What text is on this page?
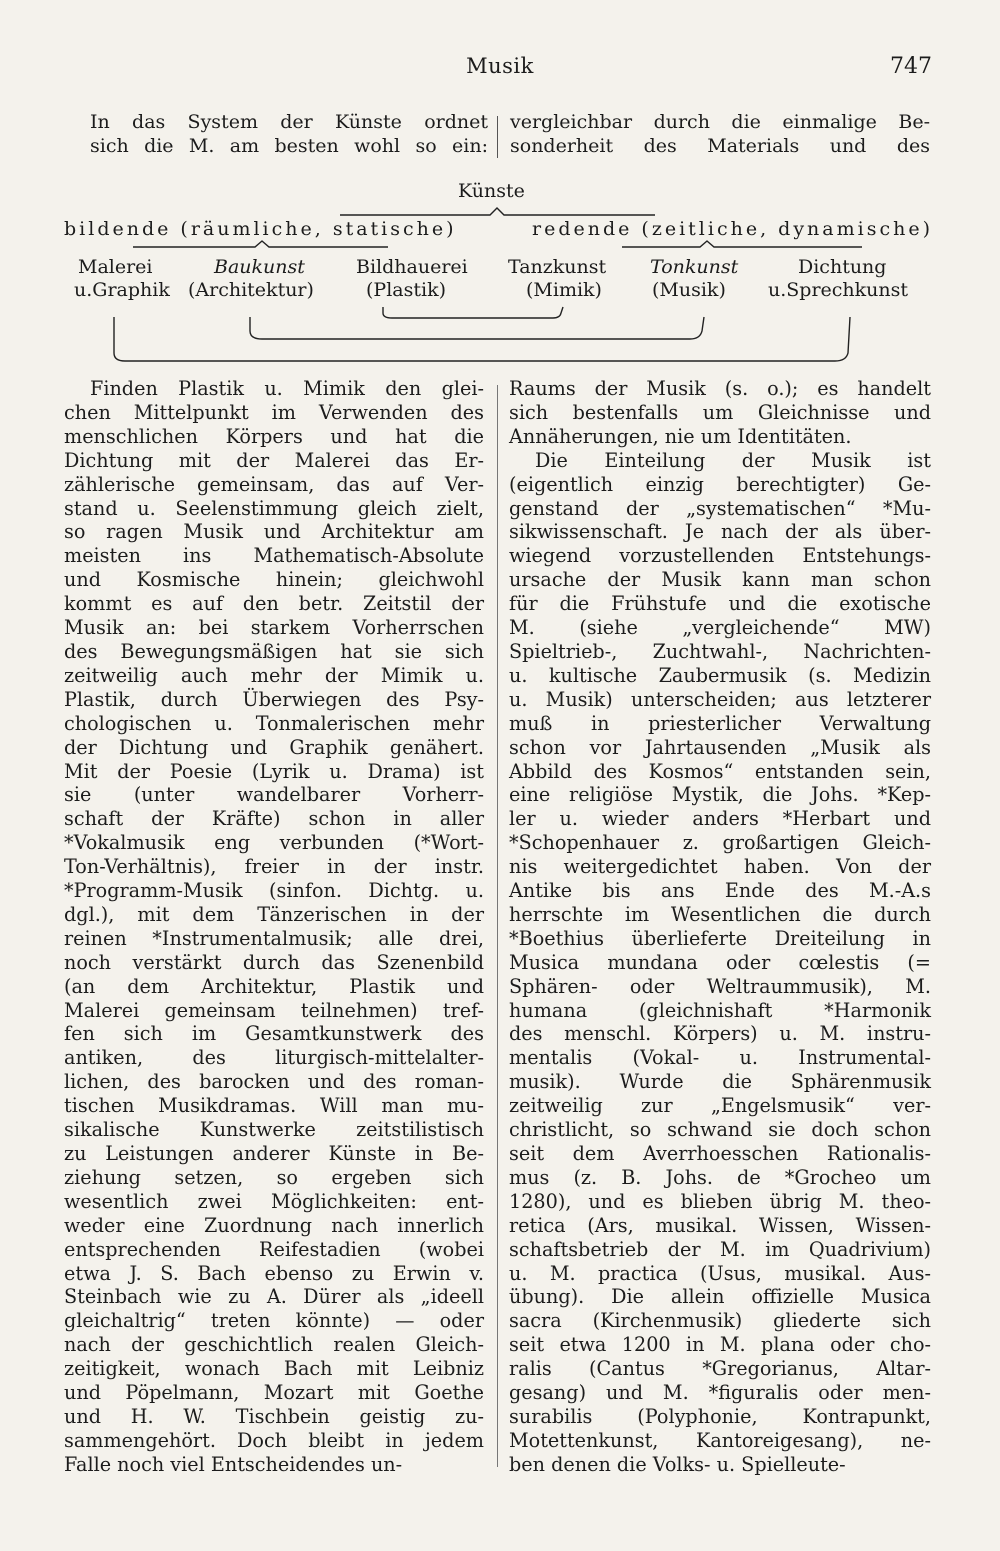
Musik	747
In das System der Künste ordnet
sich die M. am besten wohl so ein:
vergleichbar durch die einmalige Be-
sonderheit des Materials und des
Künste
bildende (räumliche, statische)	redende (zeitliche, dynamische)
Malerei
u.Graphik
Baukunst
(Architektur)
Bildhauerei
(Plastik)
Tanzkunst
(Mimik)
Tonkunst
(Musik)
Dichtung
u.Sprechkunst
Finden Plastik u. Mimik den glei-
chen Mittelpunkt im Verwenden des
menschlichen Körpers und hat die
Dichtung mit der Malerei das Er-
zählerische gemeinsam, das auf Ver-
stand u. Seelenstimmung gleich zielt,
so ragen Musik und Architektur am
meisten ins Mathematisch-Absolute
und Kosmische hinein; gleichwohl
kommt es auf den betr. Zeitstil der
Musik an: bei starkem Vorherrschen
des Bewegungsmäßigen hat sie sich
zeitweilig auch mehr der Mimik u.
Plastik, durch Überwiegen des Psy-
chologischen u. Tonmalerischen mehr
der Dichtung und Graphik genähert.
Mit der Poesie (Lyrik u. Drama) ist
sie (unter wandelbarer Vorherr-
schaft der Kräfte) schon in aller
*Vokalmusik eng verbunden (*Wort-
Ton-Verhältnis), freier in der instr.
*Programm-Musik (sinfon. Dichtg. u.
dgl.), mit dem Tänzerischen in der
reinen *Instrumentalmusik; alle drei,
noch verstärkt durch das Szenenbild
(an dem Architektur, Plastik und
Malerei gemeinsam teilnehmen) tref-
fen sich im Gesamtkunstwerk des
antiken, des liturgisch-mittelalter-
lichen, des barocken und des roman-
tischen Musikdramas. Will man mu-
sikalische Kunstwerke zeitstilistisch
zu Leistungen anderer Künste in Be-
ziehung setzen, so ergeben sich
wesentlich zwei Möglichkeiten: ent-
weder eine Zuordnung nach innerlich
entsprechenden Reifestadien (wobei
etwa J. S. Bach ebenso zu Erwin v.
Steinbach wie zu A. Dürer als „ideell
gleichaltrig“ treten könnte) — oder
nach der geschichtlich realen Gleich-
zeitigkeit, wonach Bach mit Leibniz
und Pöpelmann, Mozart mit Goethe
und H. W. Tischbein geistig zu-
sammengehört. Doch bleibt in jedem
Falle noch viel Entscheidendes un-
Raums der Musik (s. o.); es handelt
sich bestenfalls um Gleichnisse und
Annäherungen, nie um Identitäten.
Die Einteilung der Musik ist
(eigentlich einzig berechtigter) Ge-
genstand der „systematischen“ *Mu-
sikwissenschaft. Je nach der als über-
wiegend vorzustellenden Entstehungs-
ursache der Musik kann man schon
für die Frühstufe und die exotische
M. (siehe „vergleichende“ MW)
Spieltrieb-, Zuchtwahl-, Nachrichten-
u. kultische Zaubermusik (s. Medizin
u. Musik) unterscheiden; aus letzterer
muß in priesterlicher Verwaltung
schon vor Jahrtausenden „Musik als
Abbild des Kosmos“ entstanden sein,
eine religiöse Mystik, die Johs. *Kep-
ler u. wieder anders *Herbart und
*Schopenhauer z. großartigen Gleich-
nis weitergedichtet haben. Von der
Antike bis ans Ende des M.-A.s
herrschte im Wesentlichen die durch
*Boethius überlieferte Dreiteilung in
Musica mundana oder cœlestis (=
Sphären- oder Weltraummusik), M.
humana (gleichnishaft *Harmonik
des menschl. Körpers) u. M. instru-
mentalis (Vokal- u. Instrumental-
musik). Wurde die Sphärenmusik
zeitweilig zur „Engelsmusik“ ver-
christlicht, so schwand sie doch schon
seit dem Averrhoesschen Rationalis-
mus (z. B. Johs. de *Grocheo um
1280), und es blieben übrig M. theo-
retica (Ars, musikal. Wissen, Wissen-
schaftsbetrieb der M. im Quadrivium)
u. M. practica (Usus, musikal. Aus-
übung). Die allein offizielle Musica
sacra (Kirchenmusik) gliederte sich
seit etwa 1200 in M. plana oder cho-
ralis (Cantus *Gregorianus, Altar-
gesang) und M. *figuralis oder men-
surabilis (Polyphonie, Kontrapunkt,
Motettenkunst, Kantoreigesang), ne-
ben denen die Volks- u. Spielleute-
